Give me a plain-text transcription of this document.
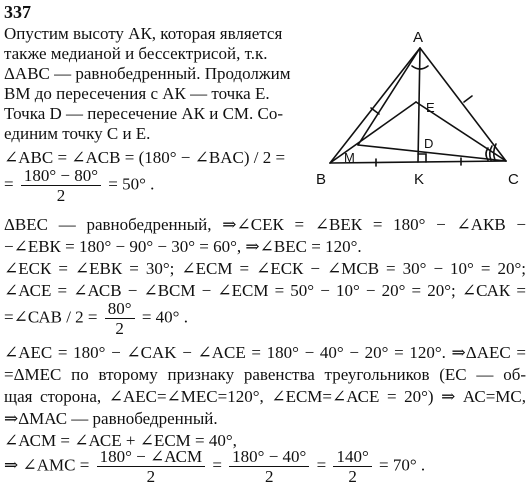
337
Опустим высоту АК, которая является
также медианой и бессектрисой, т.к.
ΔАВС — равнобедренный. Продолжим
ВМ до пересечения с АК — точка Е.
Точка D — пересечение АК и СМ. Со-
единим точку С и Е.
∠ABC = ∠ACB = (180° − ∠BAC) / 2 =
= $\frac{180^\circ - 80^\circ}{2} = 50^\circ$ .
ΔВЕС — равнобедренный, ⇒∠СЕК = ∠ВЕК = 180° − ∠АКВ −
−∠ЕВК = 180° − 90° − 30° = 60°, ⇒∠ВЕС = 120°.
∠ЕСК = ∠ЕВК = 30°; ∠ЕСМ = ∠ЕСК − ∠МСВ = 30° − 10° = 20°;
∠АСЕ = ∠АСВ − ∠ВСМ − ∠ЕСМ = 50° − 10° − 20° = 20°; ∠САК =
=∠САВ / $2 = \frac{80^\circ}{2} = 40^\circ$ .
∠AEC = 180° − ∠CAK − ∠ACE = 180° − 40° − 20° = 120°. ⇒ΔAEC =
=ΔMEC по второму признаку равенства треугольников (ЕС — об-
щая сторона, ∠АЕС=∠МЕС=120°, ∠ЕСМ=∠АСЕ = 20°) ⇒ АС=МС,
⇒ΔМАС — равнобедренный.
∠АСМ = ∠АСЕ + ∠ЕСМ = 40°,
⇒ ∠АМС = $\frac{\text{180° − ∠АСМ}}{2} = \frac{180^\circ - 40^\circ}{2} = \frac{140^\circ}{2} = 70^\circ$ .
A
B	C
K
M
E
D
